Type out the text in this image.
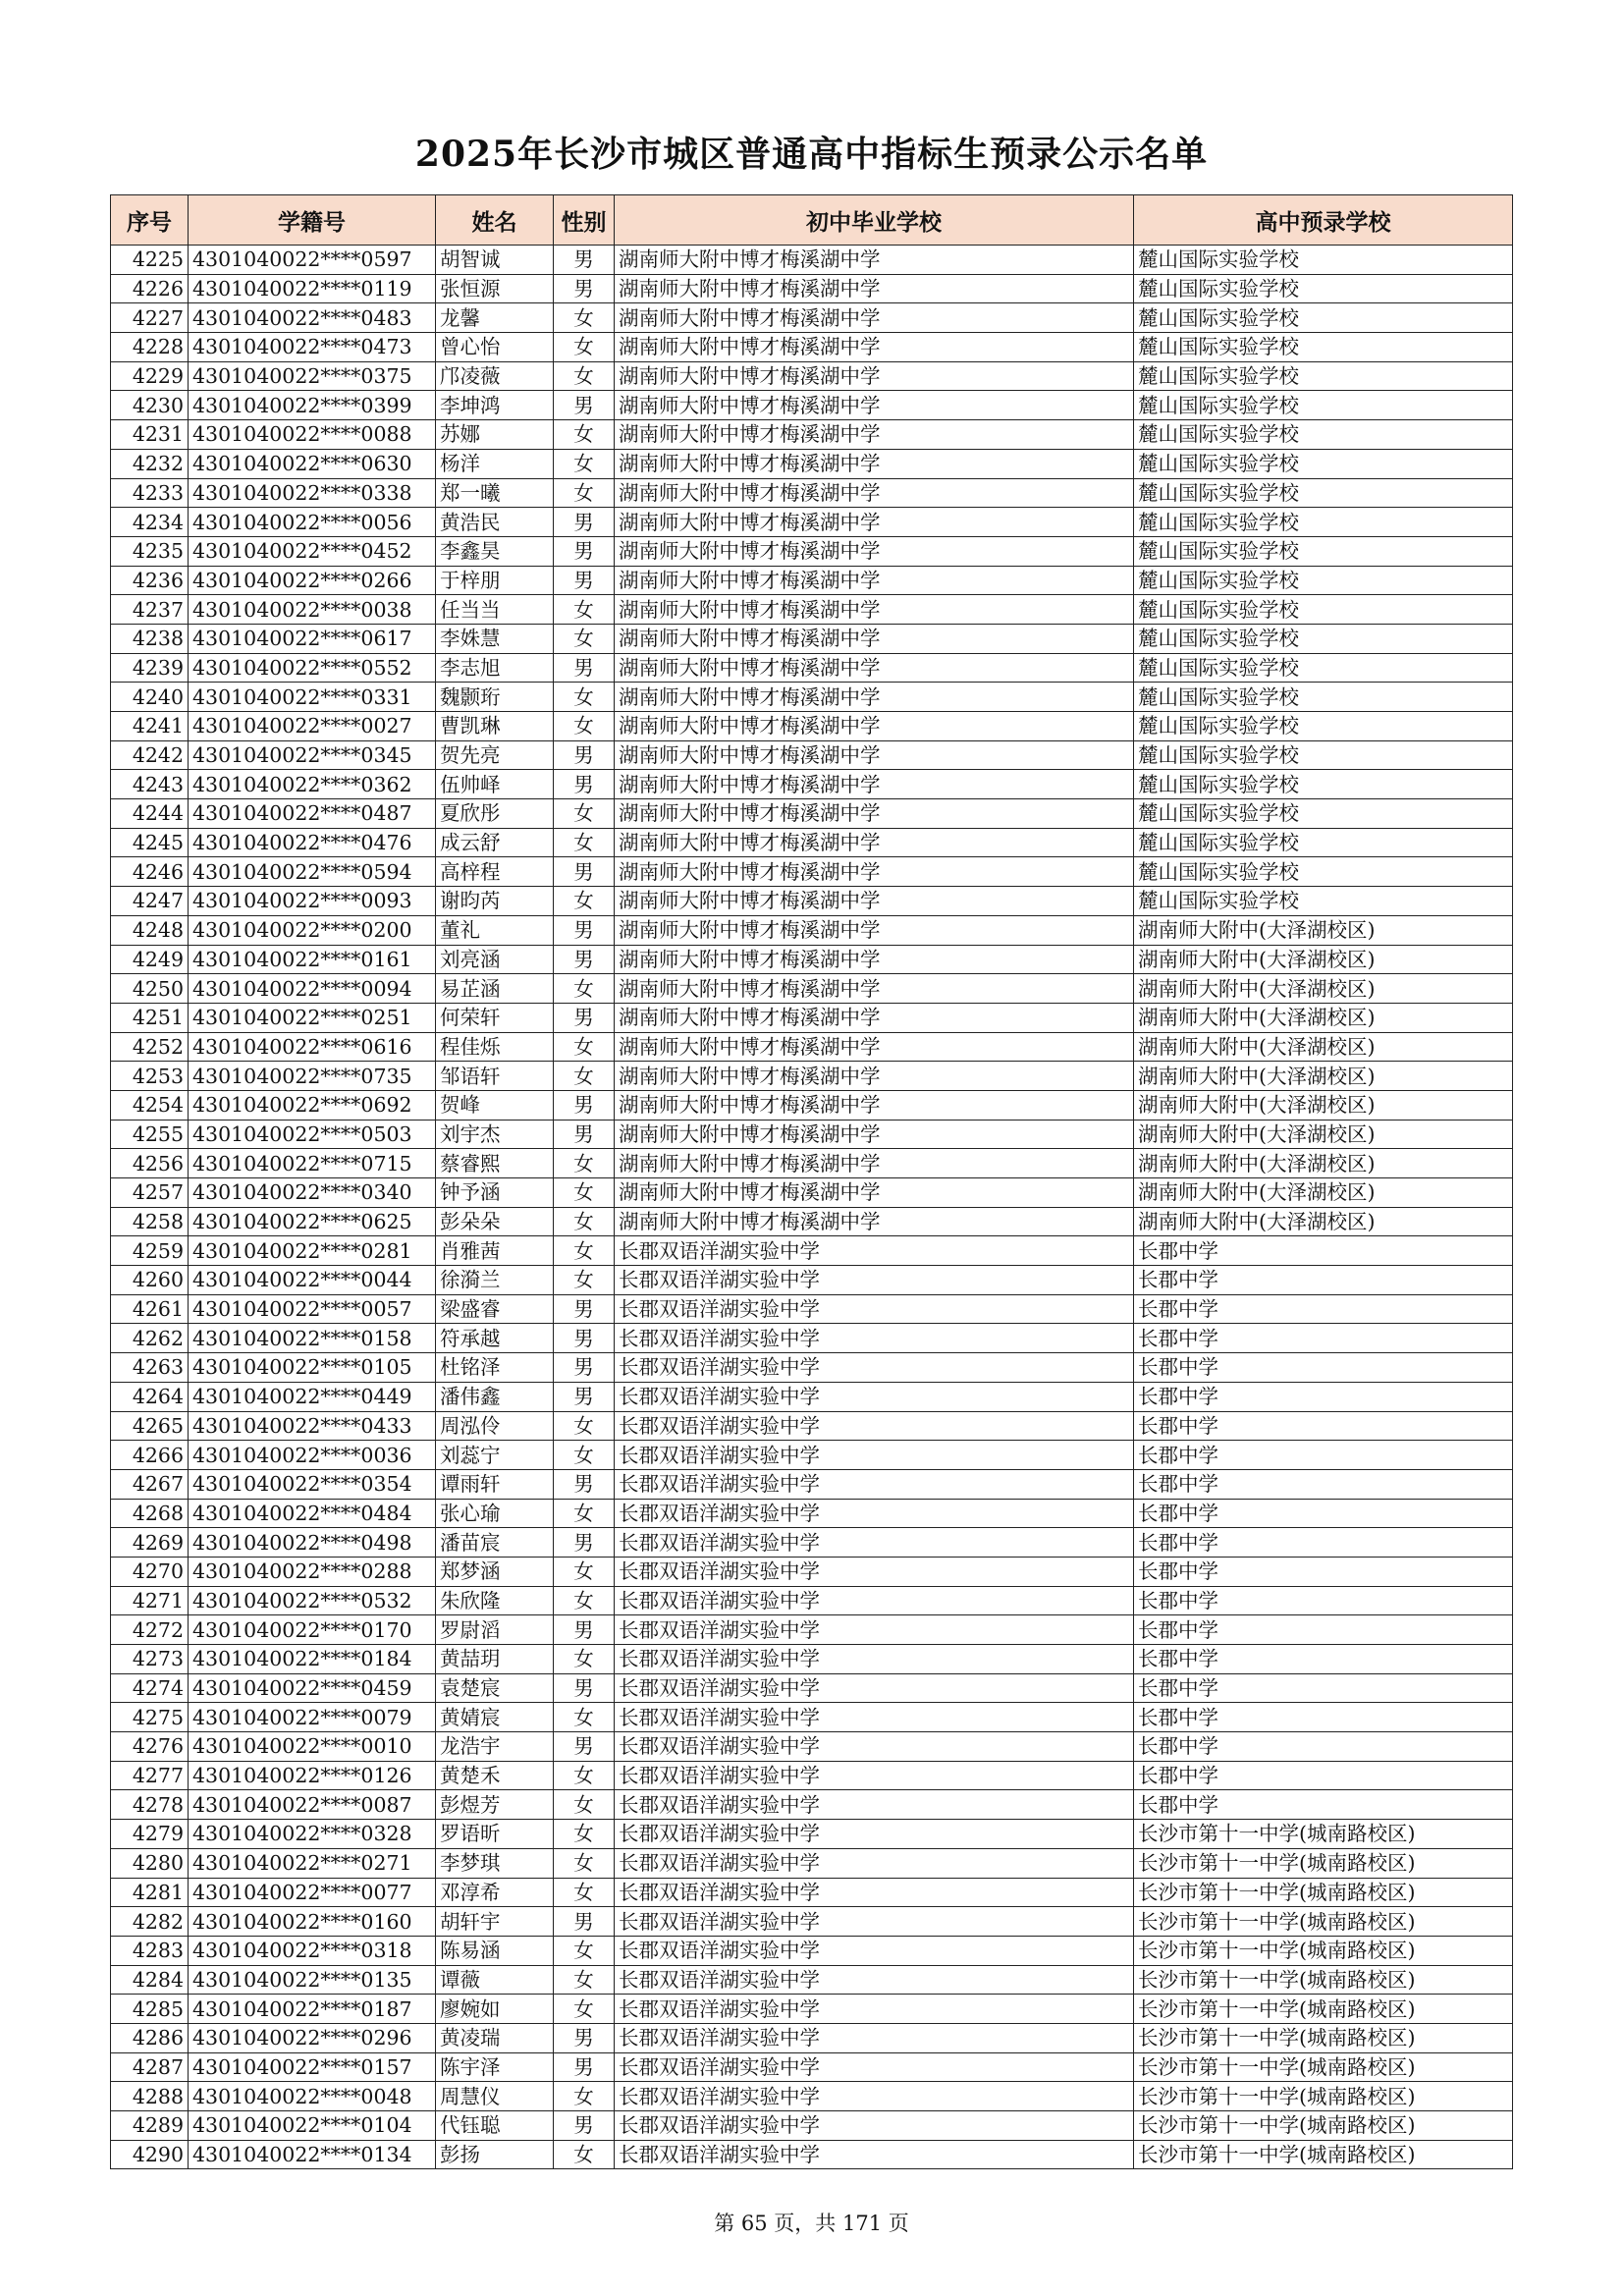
2025年长沙市城区普通高中指标生预录公示名单
序号	学籍号	姓名	性别	初中毕业学校	高中预录学校
4225	4301040022****0597	胡智诚	男	湖南师大附中博才梅溪湖中学	麓山国际实验学校
4226	4301040022****0119	张恒源	男	湖南师大附中博才梅溪湖中学	麓山国际实验学校
4227	4301040022****0483	龙馨	女	湖南师大附中博才梅溪湖中学	麓山国际实验学校
4228	4301040022****0473	曾心怡	女	湖南师大附中博才梅溪湖中学	麓山国际实验学校
4229	4301040022****0375	邝凌薇	女	湖南师大附中博才梅溪湖中学	麓山国际实验学校
4230	4301040022****0399	李坤鸿	男	湖南师大附中博才梅溪湖中学	麓山国际实验学校
4231	4301040022****0088	苏娜	女	湖南师大附中博才梅溪湖中学	麓山国际实验学校
4232	4301040022****0630	杨洋	女	湖南师大附中博才梅溪湖中学	麓山国际实验学校
4233	4301040022****0338	郑一曦	女	湖南师大附中博才梅溪湖中学	麓山国际实验学校
4234	4301040022****0056	黄浩民	男	湖南师大附中博才梅溪湖中学	麓山国际实验学校
4235	4301040022****0452	李鑫昊	男	湖南师大附中博才梅溪湖中学	麓山国际实验学校
4236	4301040022****0266	于梓朋	男	湖南师大附中博才梅溪湖中学	麓山国际实验学校
4237	4301040022****0038	任当当	女	湖南师大附中博才梅溪湖中学	麓山国际实验学校
4238	4301040022****0617	李姝慧	女	湖南师大附中博才梅溪湖中学	麓山国际实验学校
4239	4301040022****0552	李志旭	男	湖南师大附中博才梅溪湖中学	麓山国际实验学校
4240	4301040022****0331	魏颢珩	女	湖南师大附中博才梅溪湖中学	麓山国际实验学校
4241	4301040022****0027	曹凯琳	女	湖南师大附中博才梅溪湖中学	麓山国际实验学校
4242	4301040022****0345	贺先亮	男	湖南师大附中博才梅溪湖中学	麓山国际实验学校
4243	4301040022****0362	伍帅峄	男	湖南师大附中博才梅溪湖中学	麓山国际实验学校
4244	4301040022****0487	夏欣彤	女	湖南师大附中博才梅溪湖中学	麓山国际实验学校
4245	4301040022****0476	成云舒	女	湖南师大附中博才梅溪湖中学	麓山国际实验学校
4246	4301040022****0594	高梓程	男	湖南师大附中博才梅溪湖中学	麓山国际实验学校
4247	4301040022****0093	谢昀芮	女	湖南师大附中博才梅溪湖中学	麓山国际实验学校
4248	4301040022****0200	董礼	男	湖南师大附中博才梅溪湖中学	湖南师大附中(大泽湖校区)
4249	4301040022****0161	刘亮涵	男	湖南师大附中博才梅溪湖中学	湖南师大附中(大泽湖校区)
4250	4301040022****0094	易芷涵	女	湖南师大附中博才梅溪湖中学	湖南师大附中(大泽湖校区)
4251	4301040022****0251	何荣轩	男	湖南师大附中博才梅溪湖中学	湖南师大附中(大泽湖校区)
4252	4301040022****0616	程佳烁	女	湖南师大附中博才梅溪湖中学	湖南师大附中(大泽湖校区)
4253	4301040022****0735	邹语轩	女	湖南师大附中博才梅溪湖中学	湖南师大附中(大泽湖校区)
4254	4301040022****0692	贺峰	男	湖南师大附中博才梅溪湖中学	湖南师大附中(大泽湖校区)
4255	4301040022****0503	刘宇杰	男	湖南师大附中博才梅溪湖中学	湖南师大附中(大泽湖校区)
4256	4301040022****0715	蔡睿熙	女	湖南师大附中博才梅溪湖中学	湖南师大附中(大泽湖校区)
4257	4301040022****0340	钟予涵	女	湖南师大附中博才梅溪湖中学	湖南师大附中(大泽湖校区)
4258	4301040022****0625	彭朵朵	女	湖南师大附中博才梅溪湖中学	湖南师大附中(大泽湖校区)
4259	4301040022****0281	肖雅茜	女	长郡双语洋湖实验中学	长郡中学
4260	4301040022****0044	徐漪兰	女	长郡双语洋湖实验中学	长郡中学
4261	4301040022****0057	梁盛睿	男	长郡双语洋湖实验中学	长郡中学
4262	4301040022****0158	符承越	男	长郡双语洋湖实验中学	长郡中学
4263	4301040022****0105	杜铭泽	男	长郡双语洋湖实验中学	长郡中学
4264	4301040022****0449	潘伟鑫	男	长郡双语洋湖实验中学	长郡中学
4265	4301040022****0433	周泓伶	女	长郡双语洋湖实验中学	长郡中学
4266	4301040022****0036	刘蕊宁	女	长郡双语洋湖实验中学	长郡中学
4267	4301040022****0354	谭雨轩	男	长郡双语洋湖实验中学	长郡中学
4268	4301040022****0484	张心瑜	女	长郡双语洋湖实验中学	长郡中学
4269	4301040022****0498	潘苗宸	男	长郡双语洋湖实验中学	长郡中学
4270	4301040022****0288	郑梦涵	女	长郡双语洋湖实验中学	长郡中学
4271	4301040022****0532	朱欣隆	女	长郡双语洋湖实验中学	长郡中学
4272	4301040022****0170	罗尉滔	男	长郡双语洋湖实验中学	长郡中学
4273	4301040022****0184	黄喆玥	女	长郡双语洋湖实验中学	长郡中学
4274	4301040022****0459	袁楚宸	男	长郡双语洋湖实验中学	长郡中学
4275	4301040022****0079	黄婧宸	女	长郡双语洋湖实验中学	长郡中学
4276	4301040022****0010	龙浩宇	男	长郡双语洋湖实验中学	长郡中学
4277	4301040022****0126	黄楚禾	女	长郡双语洋湖实验中学	长郡中学
4278	4301040022****0087	彭煜芳	女	长郡双语洋湖实验中学	长郡中学
4279	4301040022****0328	罗语昕	女	长郡双语洋湖实验中学	长沙市第十一中学(城南路校区)
4280	4301040022****0271	李梦琪	女	长郡双语洋湖实验中学	长沙市第十一中学(城南路校区)
4281	4301040022****0077	邓淳希	女	长郡双语洋湖实验中学	长沙市第十一中学(城南路校区)
4282	4301040022****0160	胡轩宇	男	长郡双语洋湖实验中学	长沙市第十一中学(城南路校区)
4283	4301040022****0318	陈易涵	女	长郡双语洋湖实验中学	长沙市第十一中学(城南路校区)
4284	4301040022****0135	谭薇	女	长郡双语洋湖实验中学	长沙市第十一中学(城南路校区)
4285	4301040022****0187	廖婉如	女	长郡双语洋湖实验中学	长沙市第十一中学(城南路校区)
4286	4301040022****0296	黄凌瑞	男	长郡双语洋湖实验中学	长沙市第十一中学(城南路校区)
4287	4301040022****0157	陈宇泽	男	长郡双语洋湖实验中学	长沙市第十一中学(城南路校区)
4288	4301040022****0048	周慧仪	女	长郡双语洋湖实验中学	长沙市第十一中学(城南路校区)
4289	4301040022****0104	代钰聪	男	长郡双语洋湖实验中学	长沙市第十一中学(城南路校区)
4290	4301040022****0134	彭扬	女	长郡双语洋湖实验中学	长沙市第十一中学(城南路校区)
第 65 页，共 171 页
